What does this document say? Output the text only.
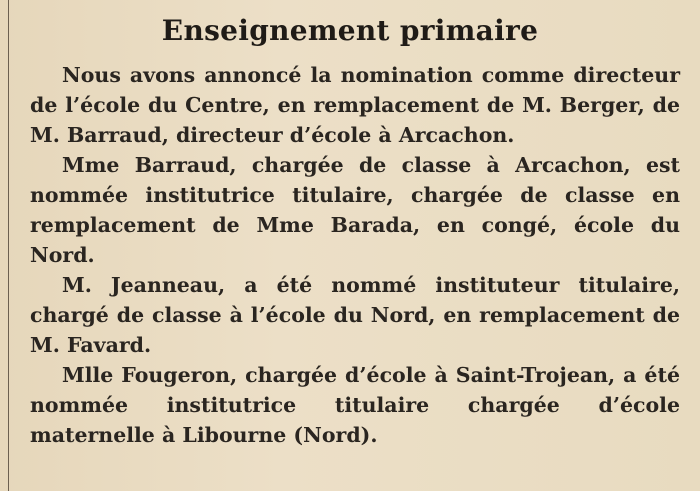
Enseignement primaire

Nous avons annoncé la nomination comme directeur de l’école du Centre, en remplacement de M. Berger, de M. Barraud, directeur d’école à Arcachon.

Mme Barraud, chargée de classe à Arcachon, est nommée institutrice titulaire, chargée de classe en remplacement de Mme Barada, en congé, école du Nord.

M. Jeanneau, a été nommé instituteur titulaire, chargé de classe à l’école du Nord, en remplacement de M. Favard.

Mlle Fougeron, chargée d’école à Saint-Trojean, a été nommée institutrice titulaire chargée d’école maternelle à Libourne (Nord).
